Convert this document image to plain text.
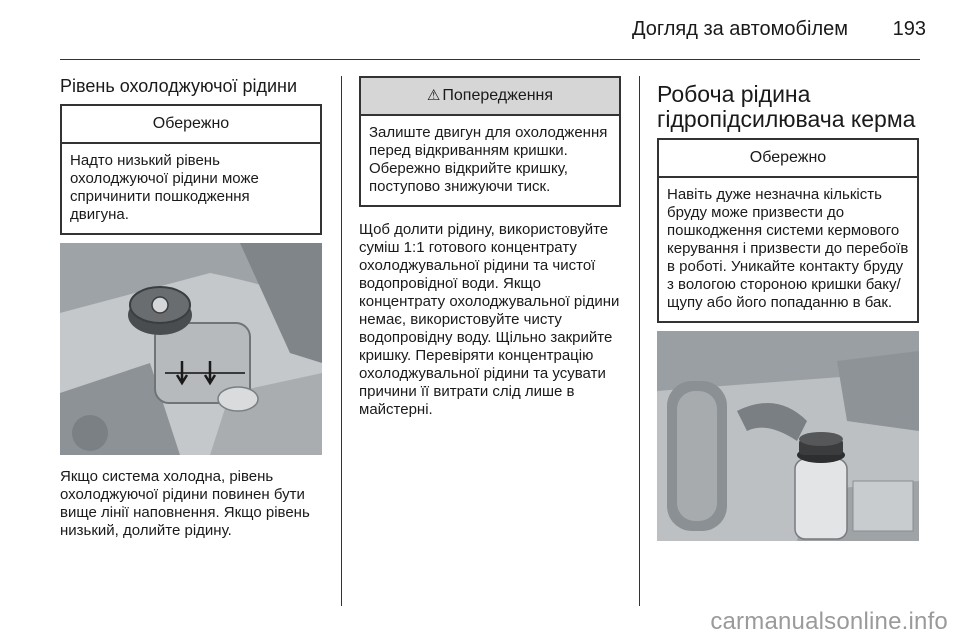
Догляд за автомобілем 193
Рівень охолоджуючої рідини
Обережно
Надто низький рівень охолоджуючої рідини може спричинити пошкодження двигуна.

Якщо система холодна, рівень охолоджуючої рідини повинен бути вище лінії наповнення. Якщо рівень низький, долийте рідину.

⚠ Попередження
Залиште двигун для охолодження перед відкриванням кришки. Обережно відкрийте кришку, поступово знижуючи тиск.

Щоб долити рідину, використовуйте суміш 1:1 готового концентрату охолоджувальної рідини та чистої водопровідної води. Якщо концентрату охолоджувальної рідини немає, використовуйте чисту водопровідну воду. Щільно закрийте кришку. Перевіряти концентрацію охолоджувальної рідини та усувати причини її витрати слід лише в майстерні.

Робоча рідина
гідропідсилювача керма
Обережно
Навіть дуже незначна кількість бруду може призвести до пошкодження системи кермового керування і призвести до перебоїв в роботі. Уникайте контакту бруду з вологою стороною кришки баку/щупу або його попаданню в бак.
carmanualsonline.info
